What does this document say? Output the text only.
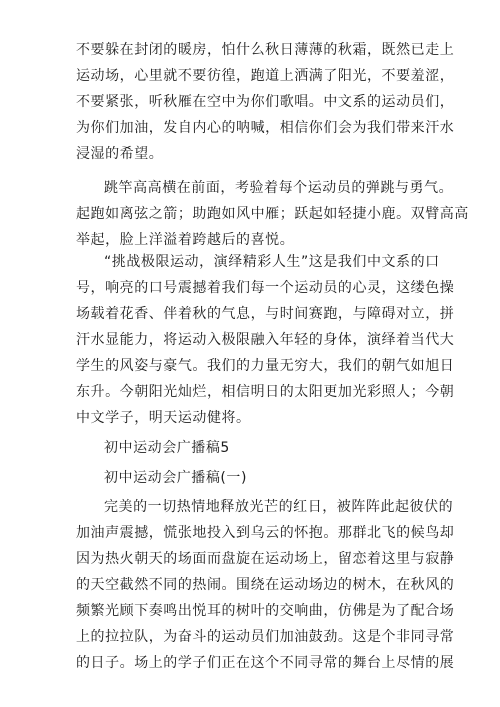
不要躲在封闭的暖房，怕什么秋日薄薄的秋霜，既然已走上

运动场，心里就不要彷徨，跑道上洒满了阳光，不要羞涩，

不要紧张，听秋雁在空中为你们歌唱。中文系的运动员们，

为你们加油，发自内心的呐喊，相信你们会为我们带来汗水

浸湿的希望。

跳竿高高横在前面，考验着每个运动员的弹跳与勇气。

起跑如离弦之箭；助跑如风中雁；跃起如轻捷小鹿。双臂高高

举起，脸上洋溢着跨越后的喜悦。

“挑战极限运动，演绎精彩人生”这是我们中文系的口

号，响亮的口号震撼着我们每一个运动员的心灵，这缕色操

场载着花香、伴着秋的气息，与时间赛跑，与障碍对立，拼

汗水显能力，将运动入极限融入年轻的身体，演绎着当代大

学生的风姿与豪气。我们的力量无穷大，我们的朝气如旭日

东升。今朝阳光灿烂，相信明日的太阳更加光彩照人；今朝

中文学子，明天运动健将。

初中运动会广播稿5

初中运动会广播稿(一)

完美的一切热情地释放光芒的红日，被阵阵此起彼伏的

加油声震撼，慌张地投入到乌云的怀抱。那群北飞的候鸟却

因为热火朝天的场面而盘旋在运动场上，留恋着这里与寂静

的天空截然不同的热闹。围绕在运动场边的树木，在秋风的

频繁光顾下奏鸣出悦耳的树叶的交响曲，仿佛是为了配合场

上的拉拉队，为奋斗的运动员们加油鼓劲。这是个非同寻常

的日子。场上的学子们正在这个不同寻常的舞台上尽情的展
